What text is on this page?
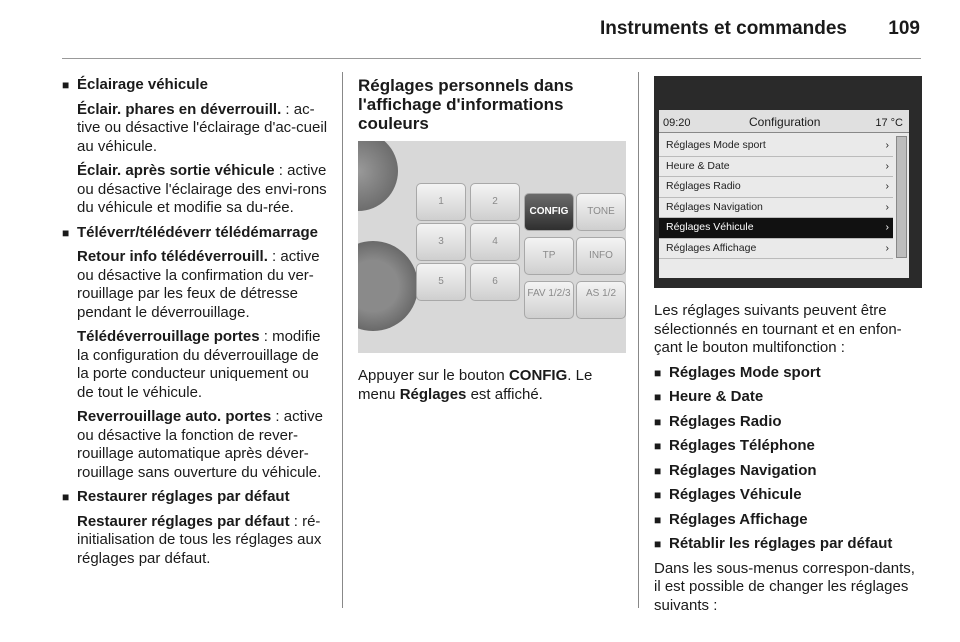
Instruments et commandes 109
■ Éclairage véhicule
Éclair. phares en déverrouill. : ac-tive ou désactive l'éclairage d'ac-cueil au véhicule.
Éclair. après sortie véhicule : active ou désactive l'éclairage des envi-rons du véhicule et modifie sa du-rée.
■ Téléverr/télédéverr télédémarrage
Retour info télédéverrouill. : active ou désactive la confirmation du ver-rouillage par les feux de détresse pendant le déverrouillage.
Télédéverrouillage portes : modifie la configuration du déverrouillage de la porte conducteur uniquement ou de tout le véhicule.
Reverrouillage auto. portes : active ou désactive la fonction de rever-rouillage automatique après déver-rouillage sans ouverture du véhicule.
■ Restaurer réglages par défaut
Restaurer réglages par défaut : ré-initialisation de tous les réglages aux réglages par défaut.
Réglages personnels dans l'affichage d'informations couleurs
1	2
CONFIG	TONE
3	4
TP	INFO
5	6
FAV 1/2/3	AS 1/2
Appuyer sur le bouton CONFIG. Le menu Réglages est affiché.
09:20	Configuration	17 °C
Réglages Mode sport	›
Heure & Date	›
Réglages Radio	›
Réglages Navigation	›
Réglages Véhicule	›
Réglages Affichage	›
Les réglages suivants peuvent être sélectionnés en tournant et en enfon-çant le bouton multifonction :
■ Réglages Mode sport
■ Heure & Date
■ Réglages Radio
■ Réglages Téléphone
■ Réglages Navigation
■ Réglages Véhicule
■ Réglages Affichage
■ Rétablir les réglages par défaut
Dans les sous-menus correspon-dants, il est possible de changer les réglages suivants :
